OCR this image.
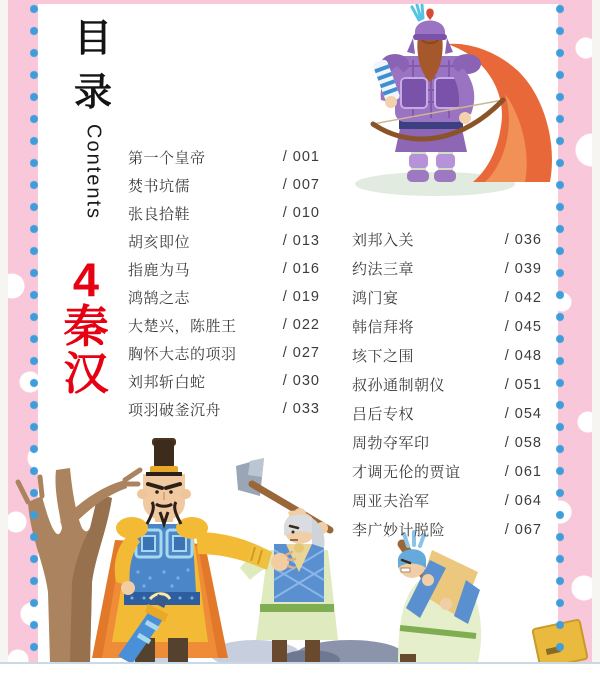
目
录
Contents
4
秦
汉
第一个皇帝	/ 001
焚书坑儒	/ 007
张良拾鞋	/ 010
胡亥即位	/ 013
指鹿为马	/ 016
鸿鹄之志	/ 019
大楚兴，陈胜王	/ 022
胸怀大志的项羽	/ 027
刘邦斩白蛇	/ 030
项羽破釜沉舟	/ 033
刘邦入关	/ 036
约法三章	/ 039
鸿门宴	/ 042
韩信拜将	/ 045
垓下之围	/ 048
叔孙通制朝仪	/ 051
吕后专权	/ 054
周勃夺军印	/ 058
才调无伦的贾谊	/ 061
周亚夫治军	/ 064
李广妙计脱险	/ 067
